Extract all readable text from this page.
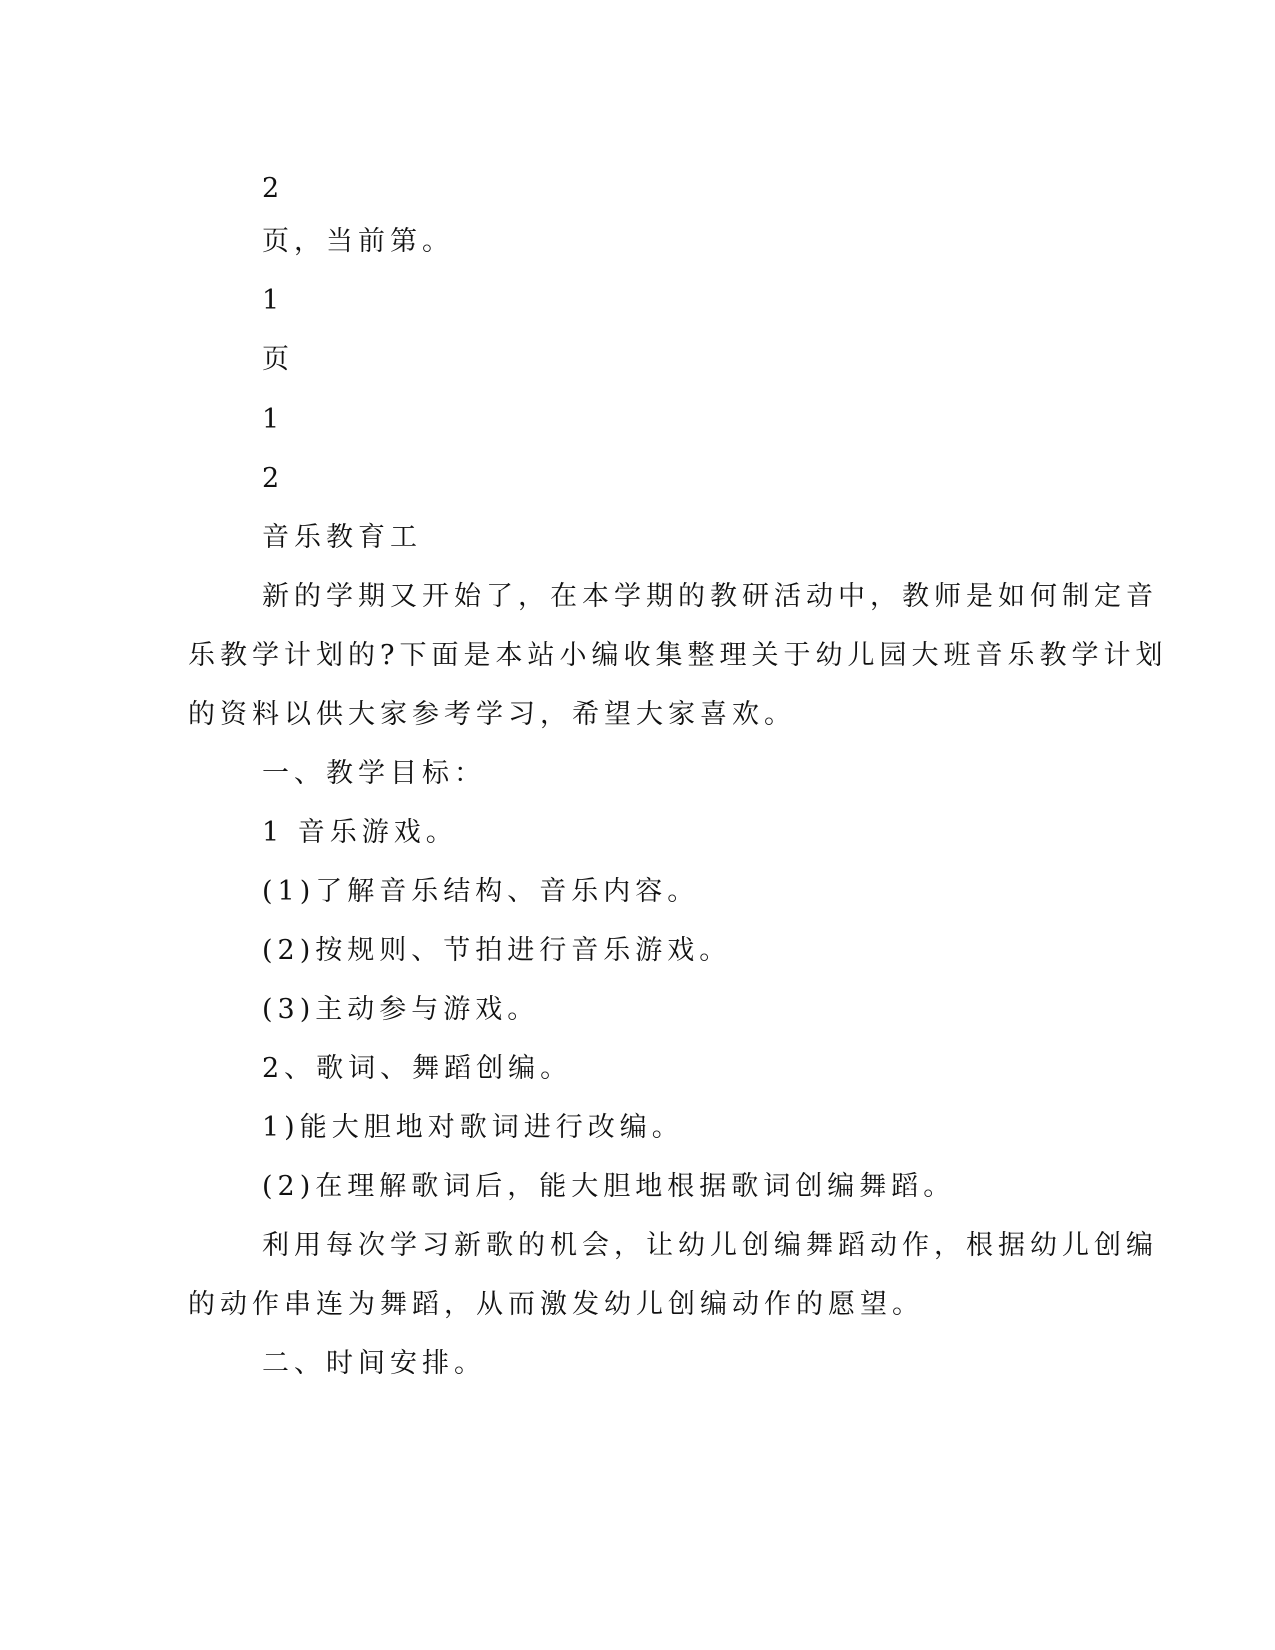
2

页，当前第。

1

页

1

2

音乐教育工

新的学期又开始了，在本学期的教研活动中，教师是如何制定音

乐教学计划的?下面是本站小编收集整理关于幼儿园大班音乐教学计划

的资料以供大家参考学习，希望大家喜欢。

一、教学目标：

1 音乐游戏。

(1)了解音乐结构、音乐内容。

(2)按规则、节拍进行音乐游戏。

(3)主动参与游戏。

2、歌词、舞蹈创编。

1)能大胆地对歌词进行改编。

(2)在理解歌词后，能大胆地根据歌词创编舞蹈。

利用每次学习新歌的机会，让幼儿创编舞蹈动作，根据幼儿创编

的动作串连为舞蹈，从而激发幼儿创编动作的愿望。

二、时间安排。
